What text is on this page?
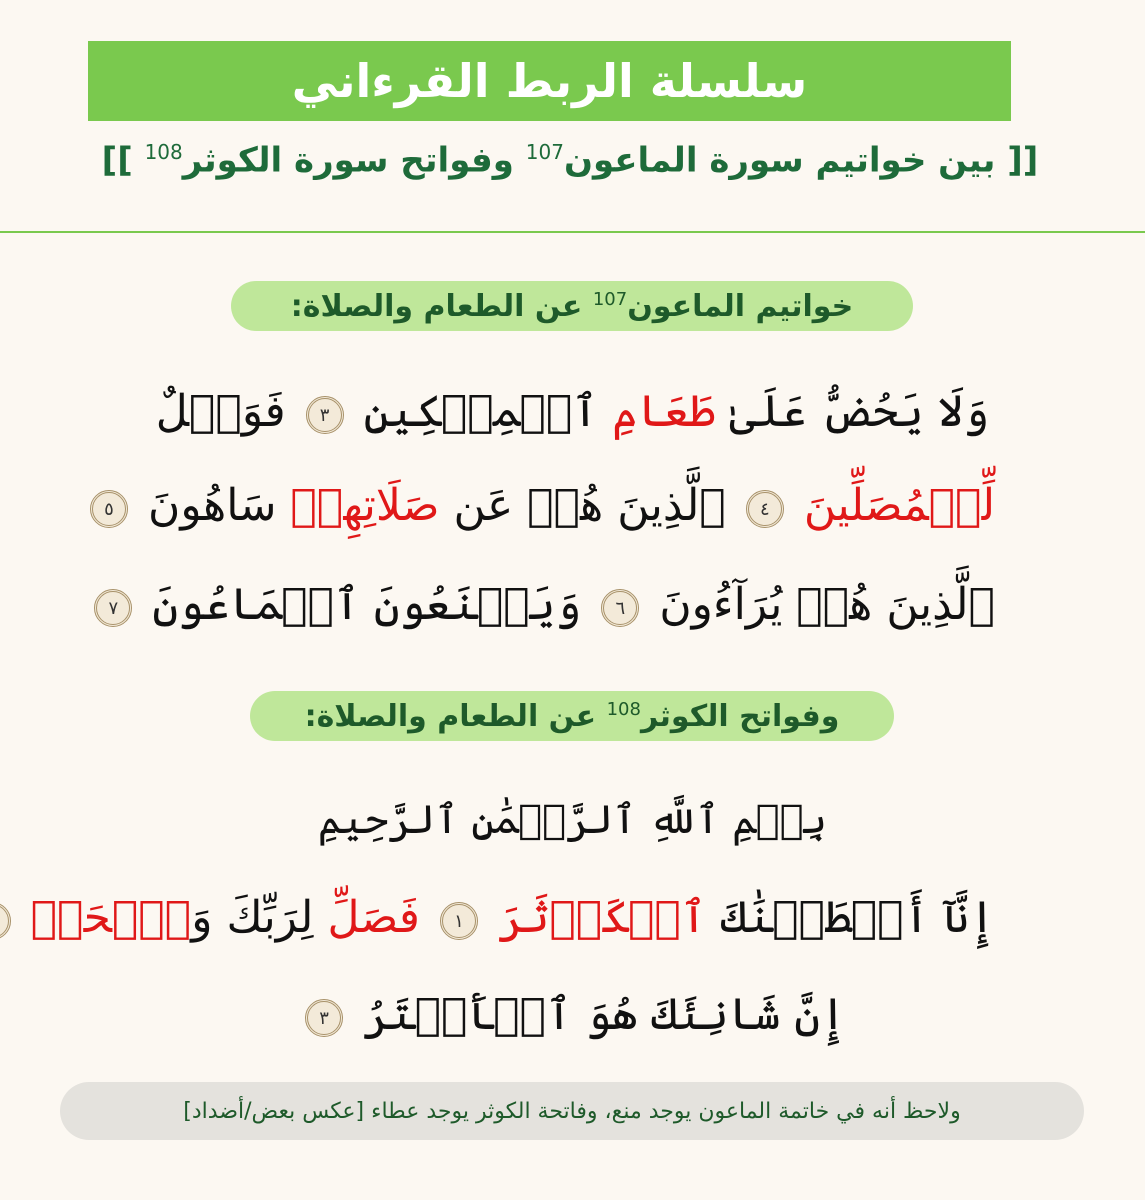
سلسلة الربط القرءاني
[[ بين خواتيم سورة الماعون$^{107}$ وفواتح سورة الكوثر$^{108}$ ]]
خواتيم الماعون$^{107}$ عن الطعام والصلاة:
وَلَا يَحُضُّ عَلَىٰ طَعَامِ ٱلۡمِسۡكِينِ ٣ فَوَيۡلٌ
لِّلۡمُصَلِّينَ ٤ ٱلَّذِينَ هُمۡ عَن صَلَاتِهِمۡ سَاهُونَ ٥
ٱلَّذِينَ هُمۡ يُرَآءُونَ ٦ وَيَمۡنَعُونَ ٱلۡمَاعُونَ ٧
وفواتح الكوثر$^{108}$ عن الطعام والصلاة:
بِسۡمِ ٱللَّهِ ٱلرَّحۡمَٰنِ ٱلرَّحِيمِ
إِنَّآ أَعۡطَيۡنَٰكَ ٱلۡكَوۡثَرَ ١ فَصَلِّ لِرَبِّكَ وَٱنۡحَرۡ
إِنَّ شَانِئَكَ هُوَ ٱلۡأَبۡتَرُ ٣
ولاحظ أنه في خاتمة الماعون يوجد منع، وفاتحة الكوثر يوجد عطاء [عكس بعض/أضداد]
